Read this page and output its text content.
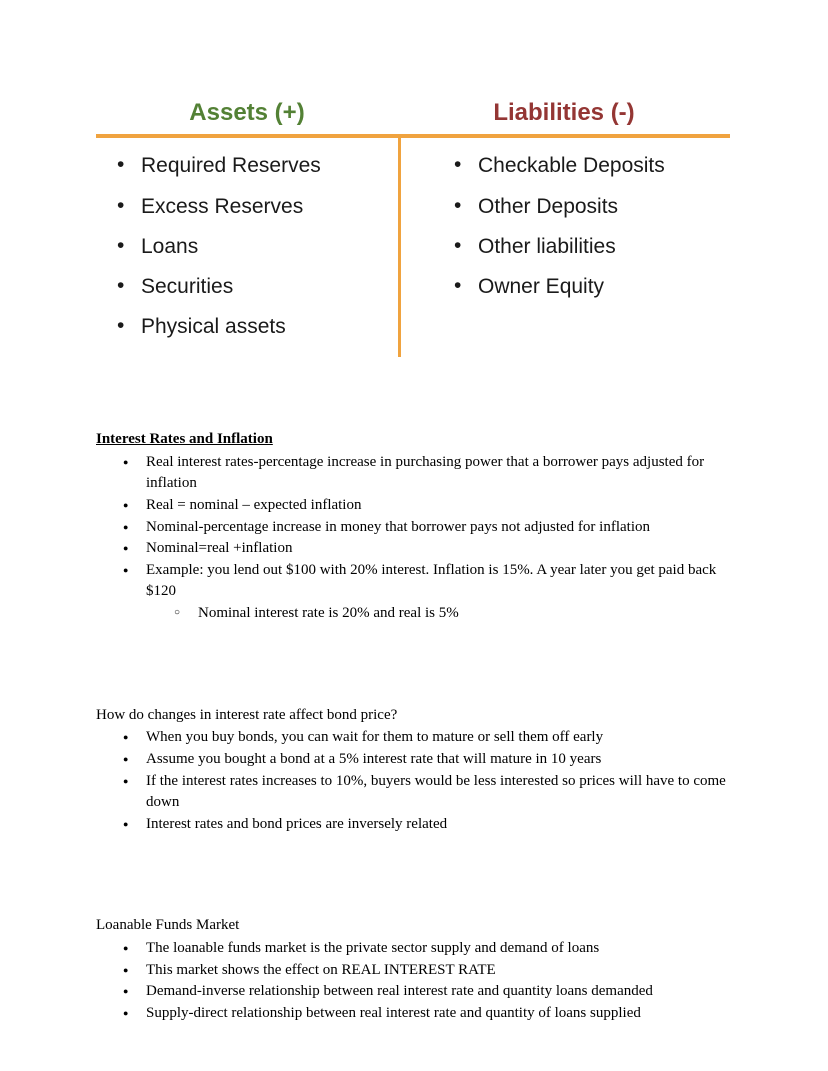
Assets (+)	Liabilities (-)
• Required Reserves
• Excess Reserves
• Loans
• Securities
• Physical assets
• Checkable Deposits
• Other Deposits
• Other liabilities
• Owner Equity
Interest Rates and Inflation
● Real interest rates-percentage increase in purchasing power that a borrower pays adjusted for inflation
● Real = nominal – expected inflation
● Nominal-percentage increase in money that borrower pays not adjusted for inflation
● Nominal=real +inflation
● Example: you lend out $100 with 20% interest. Inflation is 15%. A year later you get paid back $120
○ Nominal interest rate is 20% and real is 5%
How do changes in interest rate affect bond price?
● When you buy bonds, you can wait for them to mature or sell them off early
● Assume you bought a bond at a 5% interest rate that will mature in 10 years
● If the interest rates increases to 10%, buyers would be less interested so prices will have to come down
● Interest rates and bond prices are inversely related
Loanable Funds Market
● The loanable funds market is the private sector supply and demand of loans
● This market shows the effect on REAL INTEREST RATE
● Demand-inverse relationship between real interest rate and quantity loans demanded
● Supply-direct relationship between real interest rate and quantity of loans supplied
